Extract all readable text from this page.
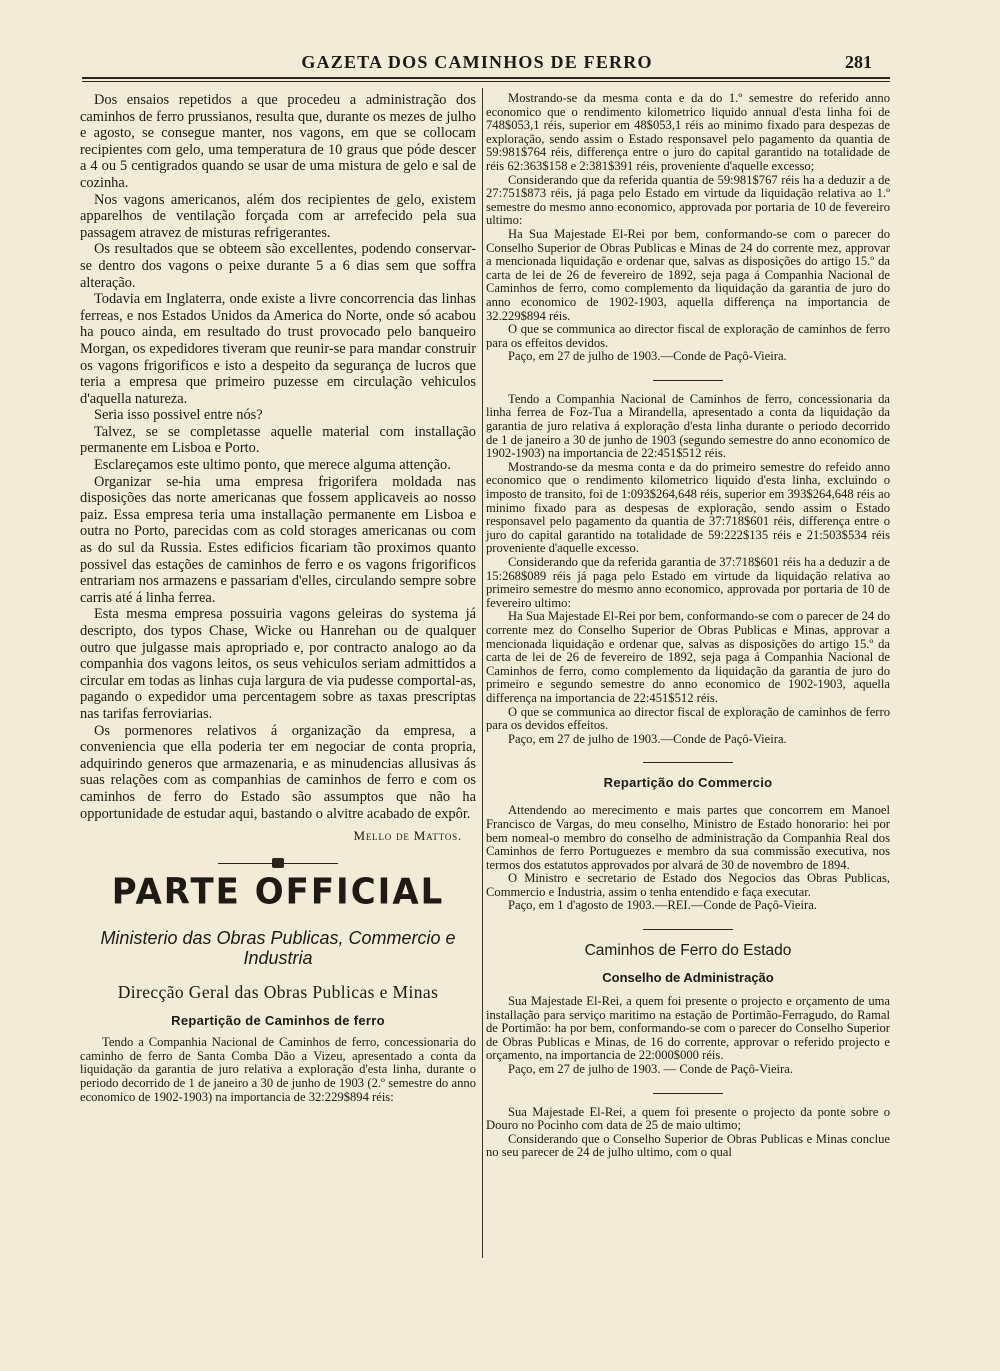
GAZETA DOS CAMINHOS DE FERRO	281

Dos ensaios repetidos a que procedeu a administração dos caminhos de ferro prussianos, resulta que, durante os mezes de julho e agosto, se consegue manter, nos vagons, em que se collocam recipientes com gelo, uma temperatura de 10 graus que póde descer a 4 ou 5 centigrados quando se usar de uma mistura de gelo e sal de cozinha.

Nos vagons americanos, além dos recipientes de gelo, existem apparelhos de ventilação forçada com ar arrefecido pela sua passagem atravez de misturas refrigerantes.

Os resultados que se obteem são excellentes, podendo conservar-se dentro dos vagons o peixe durante 5 a 6 dias sem que soffra alteração.

Todavia em Inglaterra, onde existe a livre concorrencia das linhas ferreas, e nos Estados Unidos da America do Norte, onde só acabou ha pouco ainda, em resultado do trust provocado pelo banqueiro Morgan, os expedidores tiveram que reunir-se para mandar construir os vagons frigorificos e isto a despeito da segurança de lucros que teria a empresa que primeiro puzesse em circulação vehiculos d'aquella natureza.

Seria isso possivel entre nós?

Talvez, se se completasse aquelle material com installação permanente em Lisboa e Porto.

Esclareçamos este ultimo ponto, que merece alguma attenção.

Organizar se-hia uma empresa frigorifera moldada nas disposições das norte americanas que fossem applicaveis ao nosso paiz. Essa empresa teria uma installação permanente em Lisboa e outra no Porto, parecidas com as cold storages americanas ou com as do sul da Russia. Estes edificios ficariam tão proximos quanto possivel das estações de caminhos de ferro e os vagons frigorificos entrariam nos armazens e passariam d'elles, circulando sempre sobre carris até á linha ferrea.

Esta mesma empresa possuiria vagons geleiras do systema já descripto, dos typos Chase, Wicke ou Hanrehan ou de qualquer outro que julgasse mais apropriado e, por contracto analogo ao da companhia dos vagons leitos, os seus vehiculos seriam admittidos a circular em todas as linhas cuja largura de via pudesse comportal-as, pagando o expedidor uma percentagem sobre as taxas prescriptas nas tarifas ferroviarias.

Os pormenores relativos á organização da empresa, a conveniencia que ella poderia ter em negociar de conta propria, adquirindo generos que armazenaria, e as minudencias allusivas ás suas relações com as companhias de caminhos de ferro e com os caminhos de ferro do Estado são assumptos que não ha opportunidade de estudar aqui, bastando o alvitre acabado de expôr.

Mello de Mattos.
PARTE OFFICIAL
Ministerio das Obras Publicas, Commercio e Industria
Direcção Geral das Obras Publicas e Minas
Repartição de Caminhos de ferro

Tendo a Companhia Nacional de Caminhos de ferro, concessionaria do caminho de ferro de Santa Comba Dão a Vizeu, apresentado a conta da liquidação da garantia de juro relativa a exploração d'esta linha, durante o periodo decorrido de 1 de janeiro a 30 de junho de 1903 (2.º semestre do anno economico de 1902-1903) na importancia de 32:229$894 réis:

Mostrando-se da mesma conta e da do 1.º semestre do referido anno economico que o rendimento kilometrico liquido annual d'esta linha foi de 748$053,1 réis, superior em 48$053,1 réis ao minimo fixado para despezas de exploração, sendo assim o Estado responsavel pelo pagamento da quantia de 59:981$764 réis, differença entre o juro do capital garantido na totalidade de réis 62:363$158 e 2:381$391 réis, proveniente d'aquelle excesso;

Considerando que da referida quantia de 59:981$767 réis ha a deduzir a de 27:751$873 réis, já paga pelo Estado em virtude da liquidação relativa ao 1.º semestre do mesmo anno economico, approvada por portaria de 10 de fevereiro ultimo:

Ha Sua Majestade El-Rei por bem, conformando-se com o parecer do Conselho Superior de Obras Publicas e Minas de 24 do corrente mez, approvar a mencionada liquidação e ordenar que, salvas as disposições do artigo 15.º da carta de lei de 26 de fevereiro de 1892, seja paga á Companhia Nacional de Caminhos de ferro, como complemento da liquidação da garantia de juro do anno economico de 1902-1903, aquella differença na importancia de 32.229$894 réis.

O que se communica ao director fiscal de exploração de caminhos de ferro para os effeitos devidos.

Paço, em 27 de julho de 1903.—Conde de Paçô-Vieira.

Tendo a Companhia Nacional de Caminhos de ferro, concessionaria da linha ferrea de Foz-Tua a Mirandella, apresentado a conta da liquidação da garantia de juro relativa á exploração d'esta linha durante o periodo decorrido de 1 de janeiro a 30 de junho de 1903 (segundo semestre do anno economico de 1902-1903) na importancia de 22:451$512 réis.

Mostrando-se da mesma conta e da do primeiro semestre do refeido anno economico que o rendimento kilometrico liquido d'esta linha, excluindo o imposto de transito, foi de 1:093$264,648 réis, superior em 393$264,648 réis ao minimo fixado para as despesas de exploração, sendo assim o Estado responsavel pelo pagamento da quantia de 37:718$601 réis, differença entre o juro do capital garantido na totalidade de 59:222$135 réis e 21:503$534 réis proveniente d'aquelle excesso.

Considerando que da referida garantia de 37:718$601 réis ha a deduzir a de 15:268$089 réis já paga pelo Estado em virtude da liquidação relativa ao primeiro semestre do mesmo anno economico, approvada por portaria de 10 de fevereiro ultimo:

Ha Sua Majestade El-Rei por bem, conformando-se com o parecer de 24 do corrente mez do Conselho Superior de Obras Publicas e Minas, approvar a mencionada liquidação e ordenar que, salvas as disposições do artigo 15.º da carta de lei de 26 de fevereiro de 1892, seja paga á Companhia Nacional de Caminhos de ferro, como complemento da liquidação da garantia de juro do primeiro e segundo semestre do anno economico de 1902-1903, aquella differença na importancia de 22:451$512 réis.

O que se communica ao director fiscal de exploração de caminhos de ferro para os devidos effeitos.

Paço, em 27 de julho de 1903.—Conde de Paçô-Vieira.

Repartição do Commercio

Attendendo ao merecimento e mais partes que concorrem em Manoel Francisco de Vargas, do meu conselho, Ministro de Estado honorario: hei por bem nomeal-o membro do conselho de administração da Companhia Real dos Caminhos de ferro Portuguezes e membro da sua commissão executiva, nos termos dos estatutos approvados por alvará de 30 de novembro de 1894.

O Ministro e secretario de Estado dos Negocios das Obras Publicas, Commercio e Industria, assim o tenha entendido e faça executar.

Paço, em 1 d'agosto de 1903.—REI.—Conde de Paçô-Vieira.

Caminhos de Ferro do Estado
Conselho de Administração

Sua Majestade El-Rei, a quem foi presente o projecto e orçamento de uma installação para serviço maritimo na estação de Portimão-Ferragudo, do Ramal de Portimão: ha por bem, conformando-se com o parecer do Conselho Superior de Obras Publicas e Minas, de 16 do corrente, approvar o referido projecto e orçamento, na importancia de 22:000$000 réis.

Paço, em 27 de julho de 1903. — Conde de Paçô-Vieira.

Sua Majestade El-Rei, a quem foi presente o projecto da ponte sobre o Douro no Pocinho com data de 25 de maio ultimo;

Considerando que o Conselho Superior de Obras Publicas e Minas conclue no seu parecer de 24 de julho ultimo, com o qual
